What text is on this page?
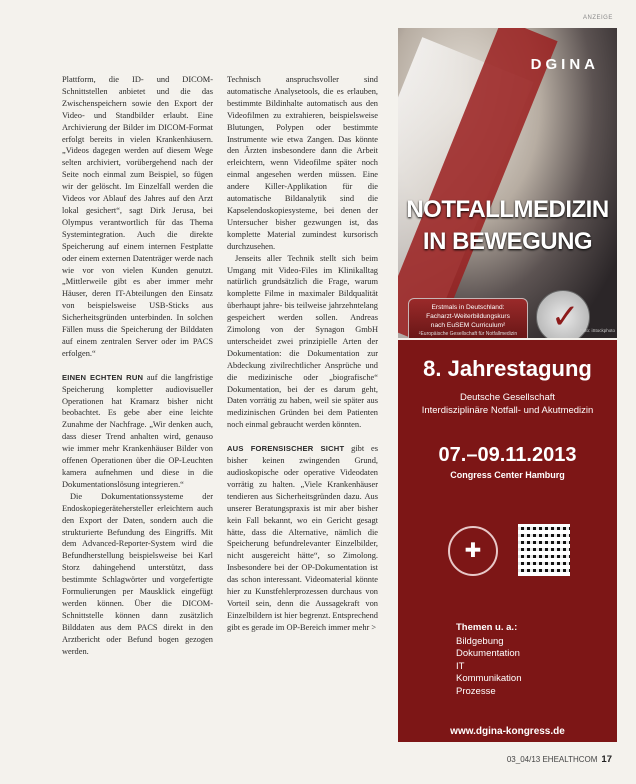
ANZEIGE

Plattform, die ID- und DICOM-Schnittstellen anbietet und die das Zwischenspeichern sowie den Export der Video- und Standbilder erlaubt. Eine Archivierung der Bilder im DICOM-Format erfolgt bereits in vielen Krankenhäusern. „Videos dagegen werden auf diesem Wege selten archiviert, vorübergehend nach der Seite noch einmal zum Beispiel, so fügen wir der gelöscht. Im Einzelfall werden die Videos vor Ablauf des Jahres auf den Arzt lokal gesichert“, sagt Dirk Jerusa, bei Olympus verantwortlich für das Thema Systemintegration. Auch die direkte Speicherung auf einem internen Festplatte oder einem externen Datenträger werde nach wie vor von vielen Kunden genutzt. „Mittlerweile gibt es aber immer mehr Häuser, deren IT-Abteilungen den Einsatz von beispielsweise USB-Sticks aus Sicherheitsgründen unterbinden. In solchen Fällen muss die Speicherung der Bilddaten auf einem zentralen Server oder im PACS erfolgen.“

EINEN ECHTEN RUN auf die langfristige Speicherung kompletter audiovisueller Operationen hat Kramarz bisher nicht beobachtet. Es gebe aber eine leichte Zunahme der Nachfrage. „Wir denken auch, dass dieser Trend anhalten wird, genauso wie immer mehr Krankenhäuser Bilder von offenen Operationen über die OP-Leuchten kamera aufnehmen und diese in die Dokumentationslösung integrieren.“

Die Dokumentationssysteme der Endoskopiegerätehersteller erleichtern auch den Export der Daten, sondern auch die strukturierte Befundung des Eingriffs. Mit dem Advanced-Reporter-System wird die Befundherstellung beispielsweise bei Karl Storz dahingehend unterstützt, dass bestimmte Schlagwörter und vorgefertigte Formulierungen per Mausklick eingefügt werden können. Über die DICOM-Schnittstelle können dann zusätzlich Bilddaten aus dem PACS direkt in den Arztbericht oder Befund bogen gezogen werden.

Technisch anspruchsvoller sind automatische Analysetools, die es erlauben, bestimmte Bildinhalte automatisch aus den Videofilmen zu extrahieren, beispielsweise Blutungen, Polypen oder bestimmte Instrumente wie etwa Zangen. Das könnte den Ärzten insbesondere dann die Arbeit erleichtern, wenn Videofilme später noch einmal angesehen werden müssen. Eine andere Killer-Applikation für die automatische Bildanalytik sind die Kapselendoskopiesysteme, bei denen der Untersucher bisher gezwungen ist, das komplette Material zumindest kursorisch durchzusehen.

Jenseits aller Technik stellt sich beim Umgang mit Video-Files im Klinikalltag natürlich grundsätzlich die Frage, warum komplette Filme in maximaler Bildqualität überhaupt jahre- bis teilweise jahrzehntelang gespeichert werden sollen. Andreas Zimolong von der Synagon GmbH unterscheidet zwei prinzipielle Arten der Dokumentation: die Dokumentation zur Abdeckung zivilrechtlicher Ansprüche und die medizinische oder „biografische“ Dokumentation, bei der es darum geht, Daten vorrätig zu haben, weil sie später aus medizinischen Gründen bei dem Patienten noch einmal gebraucht werden könnten.

AUS FORENSISCHER SICHT gibt es bisher keinen zwingenden Grund, audioskopische oder operative Videodaten vorrätig zu halten. „Viele Krankenhäuser tendieren aus Sicherheitsgründen dazu. Aus unserer Beratungspraxis ist mir aber bisher kein Fall bekannt, wo ein Gericht gesagt hätte, dass die Alternative, nämlich die Speicherung befundrelevanter Einzelbilder, nicht ausgereicht hätte“, so Zimolong. Insbesondere bei der OP-Dokumentation ist das schon interessant. Videomaterial könnte hier zu Kunstfehlerprozessen durchaus von Vorteil sein, denn die Aussagekraft von Einzelbildern ist hier begrenzt. Entsprechend gibt es gerade im OP-Bereich immer mehr >

DGINA
NOTFALLMEDIZIN
IN BEWEGUNG
Erstmals in Deutschland:
Facharzt-Weiterbildungskurs
nach EuSEM Curriculum²
²Europäische Gesellschaft für Notfallmedizin ✓ Foto: iStockphoto
8. Jahrestagung
Deutsche Gesellschaft
Interdisziplinäre Notfall- und Akutmedizin
07.–09.11.2013
Congress Center Hamburg
✚
Themen u. a.:
Bildgebung
Dokumentation
IT
Kommunikation
Prozesse
www.dgina-kongress.de
03_04/13 EHEALTHCOM 17
